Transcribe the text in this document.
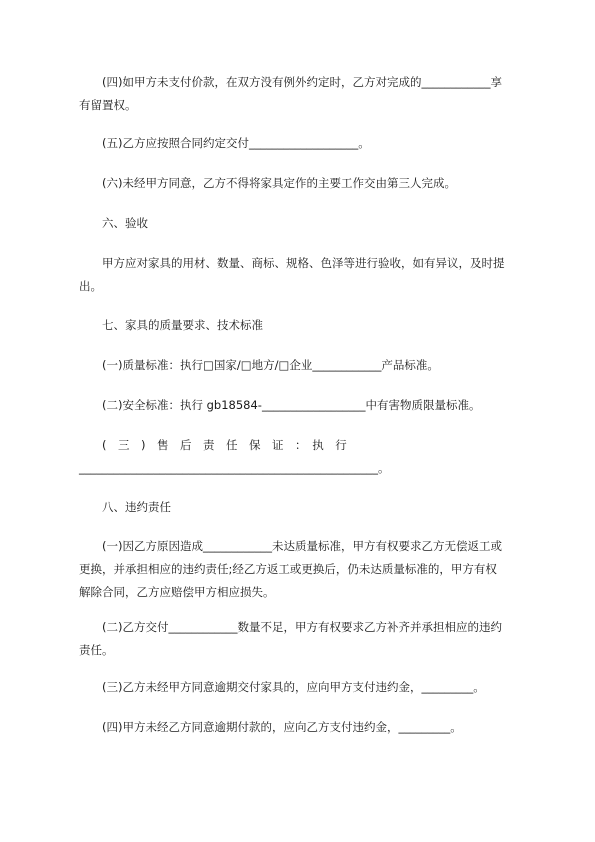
　　(四)如甲方未支付价款，在双方没有例外约定时，乙方对完成的____________享
有留置权。
　　(五)乙方应按照合同约定交付___________________。
　　(六)未经甲方同意，乙方不得将家具定作的主要工作交由第三人完成。
　　六、验收
　　甲方应对家具的用材、数量、商标、规格、色泽等进行验收，如有异议，及时提
出。
　　七、家具的质量要求、技术标准
　　(一)质量标准：执行□国家/□地方/□企业____________产品标准。
　　(二)安全标准：执行 gb18584-__________________中有害物质限量标准。
　　(　三　)　售　后　责　任　保　证　：　执　行
____________________________________________________。
　　八、违约责任
　　(一)因乙方原因造成____________未达质量标准，甲方有权要求乙方无偿返工或
更换，并承担相应的违约责任;经乙方返工或更换后，仍未达质量标准的，甲方有权
解除合同，乙方应赔偿甲方相应损失。
　　(二)乙方交付____________数量不足，甲方有权要求乙方补齐并承担相应的违约
责任。
　　(三)乙方未经甲方同意逾期交付家具的，应向甲方支付违约金，_________。
　　(四)甲方未经乙方同意逾期付款的，应向乙方支付违约金，_________。
